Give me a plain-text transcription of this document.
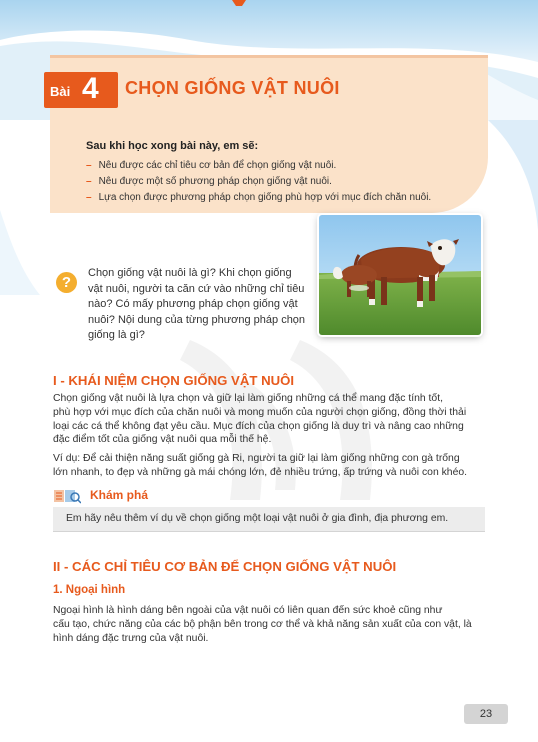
Bài 4 CHỌN GIỐNG VẬT NUÔI
Sau khi học xong bài này, em sẽ:
– Nêu được các chỉ tiêu cơ bản để chọn giống vật nuôi.
– Nêu được một số phương pháp chọn giống vật nuôi.
– Lựa chọn được phương pháp chọn giống phù hợp với mục đích chăn nuôi.
?
Chọn giống vật nuôi là gì? Khi chọn giống
vật nuôi, người ta căn cứ vào những chỉ tiêu
nào? Có mấy phương pháp chọn giống vật
nuôi? Nội dung của từng phương pháp chọn
giống là gì?
I - KHÁI NIỆM CHỌN GIỐNG VẬT NUÔI

Chọn giống vật nuôi là lựa chọn và giữ lại làm giống những cá thể mang đặc tính tốt,
phù hợp với mục đích của chăn nuôi và mong muốn của người chọn giống, đồng thời thải
loại các cá thể không đạt yêu cầu. Mục đích của chọn giống là duy trì và nâng cao những
đặc điểm tốt của giống vật nuôi qua mỗi thế hệ.

Ví dụ: Để cải thiện năng suất giống gà Ri, người ta giữ lại làm giống những con gà trống
lớn nhanh, to đẹp và những gà mái chóng lớn, đẻ nhiều trứng, ấp trứng và nuôi con khéo.

Khám phá
Em hãy nêu thêm ví dụ về chọn giống một loại vật nuôi ở gia đình, địa phương em.
II - CÁC CHỈ TIÊU CƠ BẢN ĐỂ CHỌN GIỐNG VẬT NUÔI
1. Ngoại hình

Ngoại hình là hình dáng bên ngoài của vật nuôi có liên quan đến sức khoẻ cũng như
cấu tạo, chức năng của các bộ phận bên trong cơ thể và khả năng sản xuất của con vật, là
hình dáng đặc trưng của vật nuôi.

23
